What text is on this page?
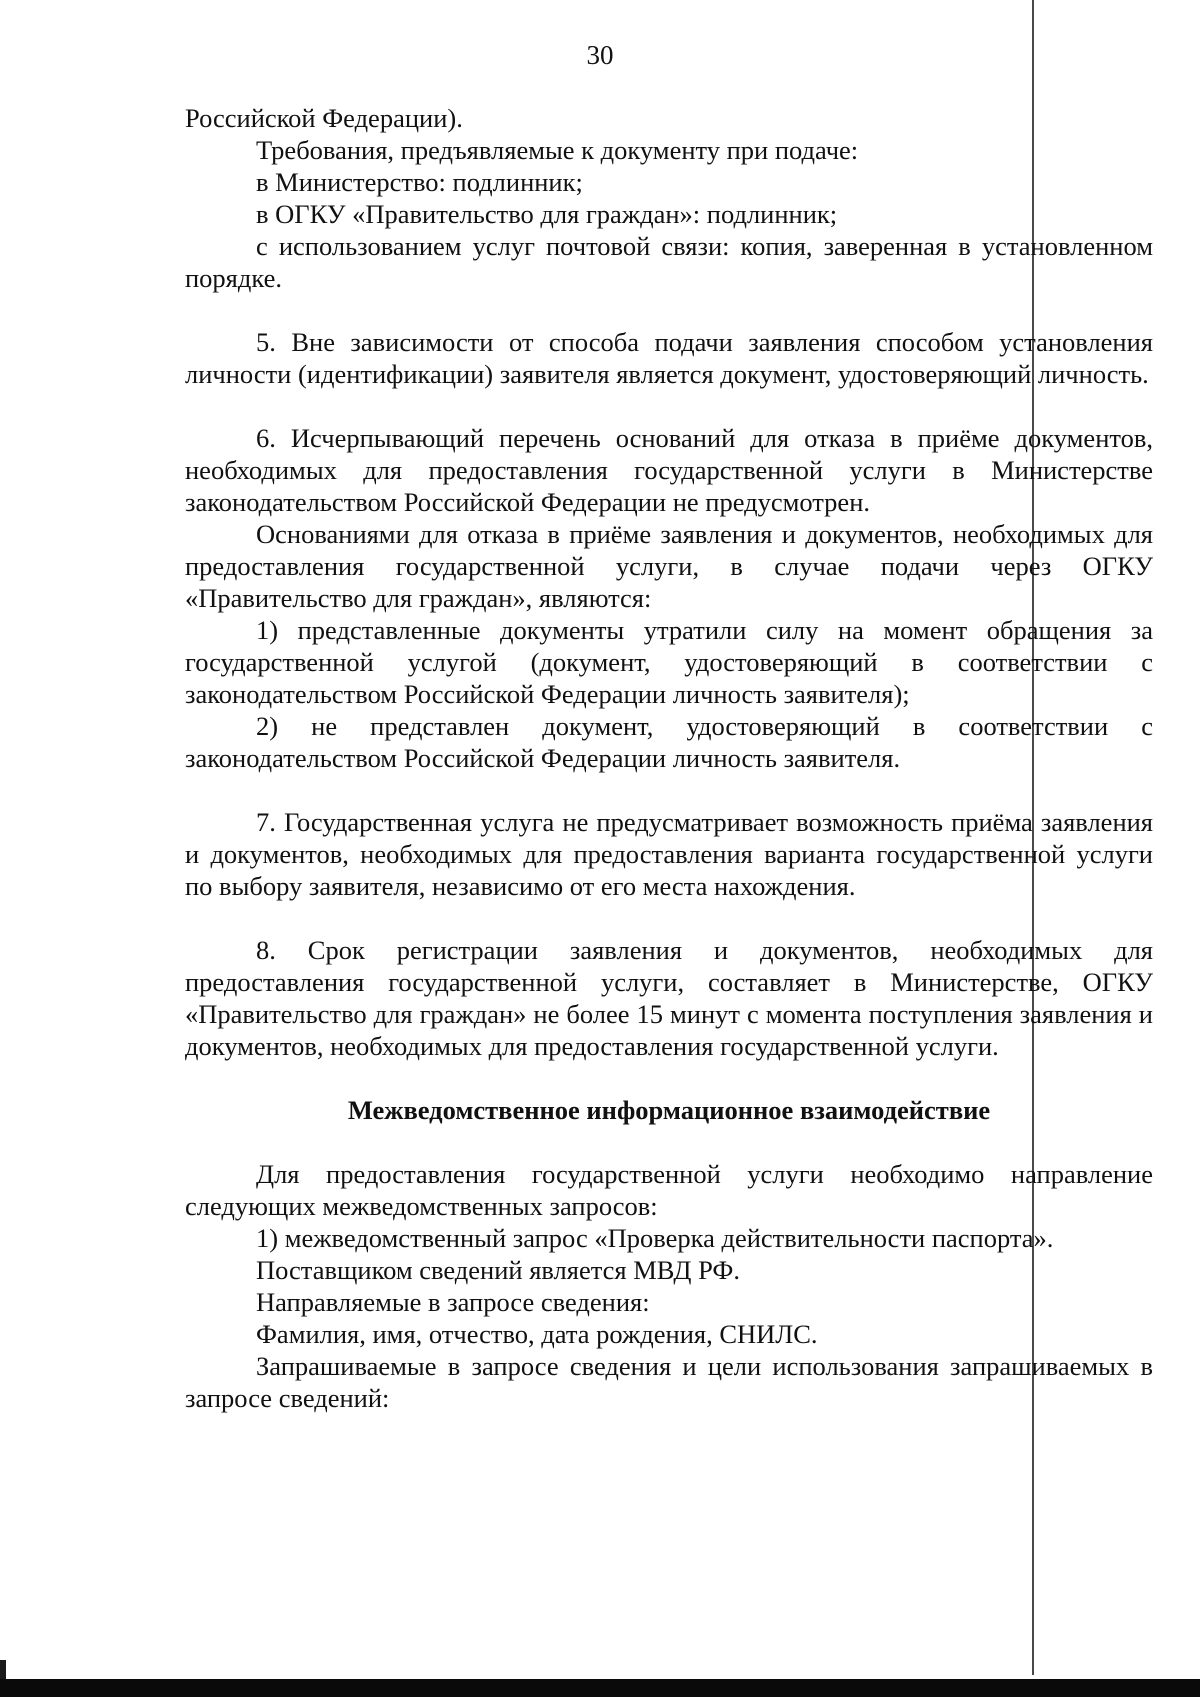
30

Российской Федерации).

Требования, предъявляемые к документу при подаче:

в Министерство: подлинник;

в ОГКУ «Правительство для граждан»: подлинник;

с использованием услуг почтовой связи: копия, заверенная в установленном порядке.

5. Вне зависимости от способа подачи заявления способом установления личности (идентификации) заявителя является документ, удостоверяющий личность.

6. Исчерпывающий перечень оснований для отказа в приёме документов, необходимых для предоставления государственной услуги в Министерстве законодательством Российской Федерации не предусмотрен.

Основаниями для отказа в приёме заявления и документов, необходимых для предоставления государственной услуги, в случае подачи через ОГКУ «Правительство для граждан», являются:

1) представленные документы утратили силу на момент обращения за государственной услугой (документ, удостоверяющий в соответствии с законодательством Российской Федерации личность заявителя);

2) не представлен документ, удостоверяющий в соответствии с законодательством Российской Федерации личность заявителя.

7. Государственная услуга не предусматривает возможность приёма заявления и документов, необходимых для предоставления варианта государственной услуги по выбору заявителя, независимо от его места нахождения.

8. Срок регистрации заявления и документов, необходимых для предоставления государственной услуги, составляет в Министерстве, ОГКУ «Правительство для граждан» не более 15 минут с момента поступления заявления и документов, необходимых для предоставления государственной услуги.

Межведомственное информационное взаимодействие

Для предоставления государственной услуги необходимо направление следующих межведомственных запросов:

1) межведомственный запрос «Проверка действительности паспорта».

Поставщиком сведений является МВД РФ.

Направляемые в запросе сведения:

Фамилия, имя, отчество, дата рождения, СНИЛС.

Запрашиваемые в запросе сведения и цели использования запрашиваемых в запросе сведений:
